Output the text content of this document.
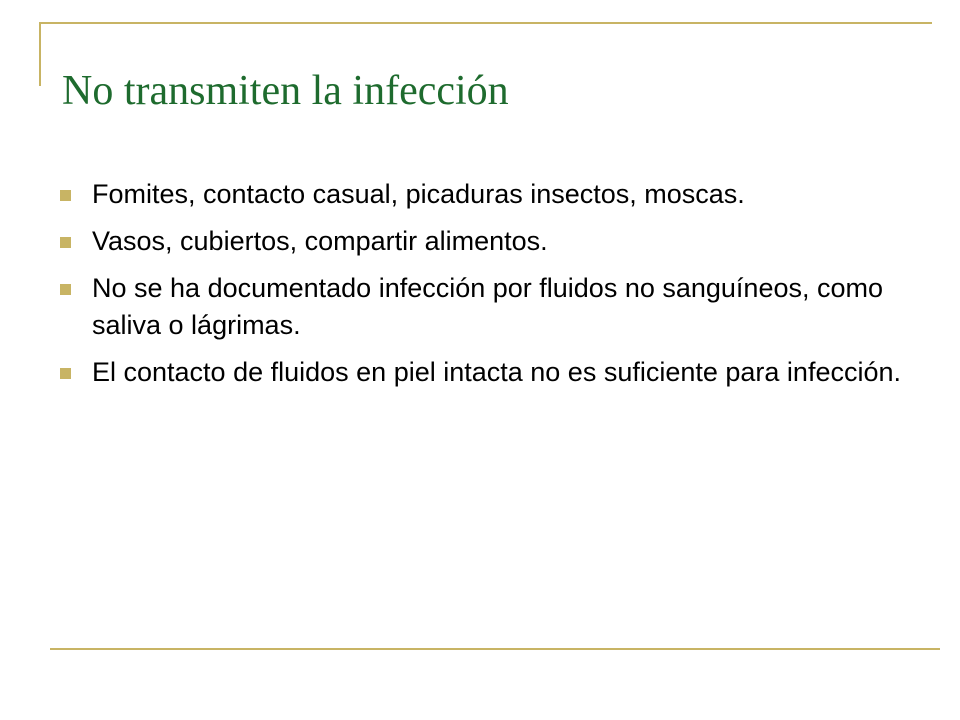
No transmiten la infección
Fomites, contacto casual, picaduras insectos, moscas.
Vasos, cubiertos, compartir alimentos.
No se ha documentado infección por fluidos no sanguíneos, como saliva o lágrimas.
El contacto de fluidos en piel intacta no es suficiente para infección.
